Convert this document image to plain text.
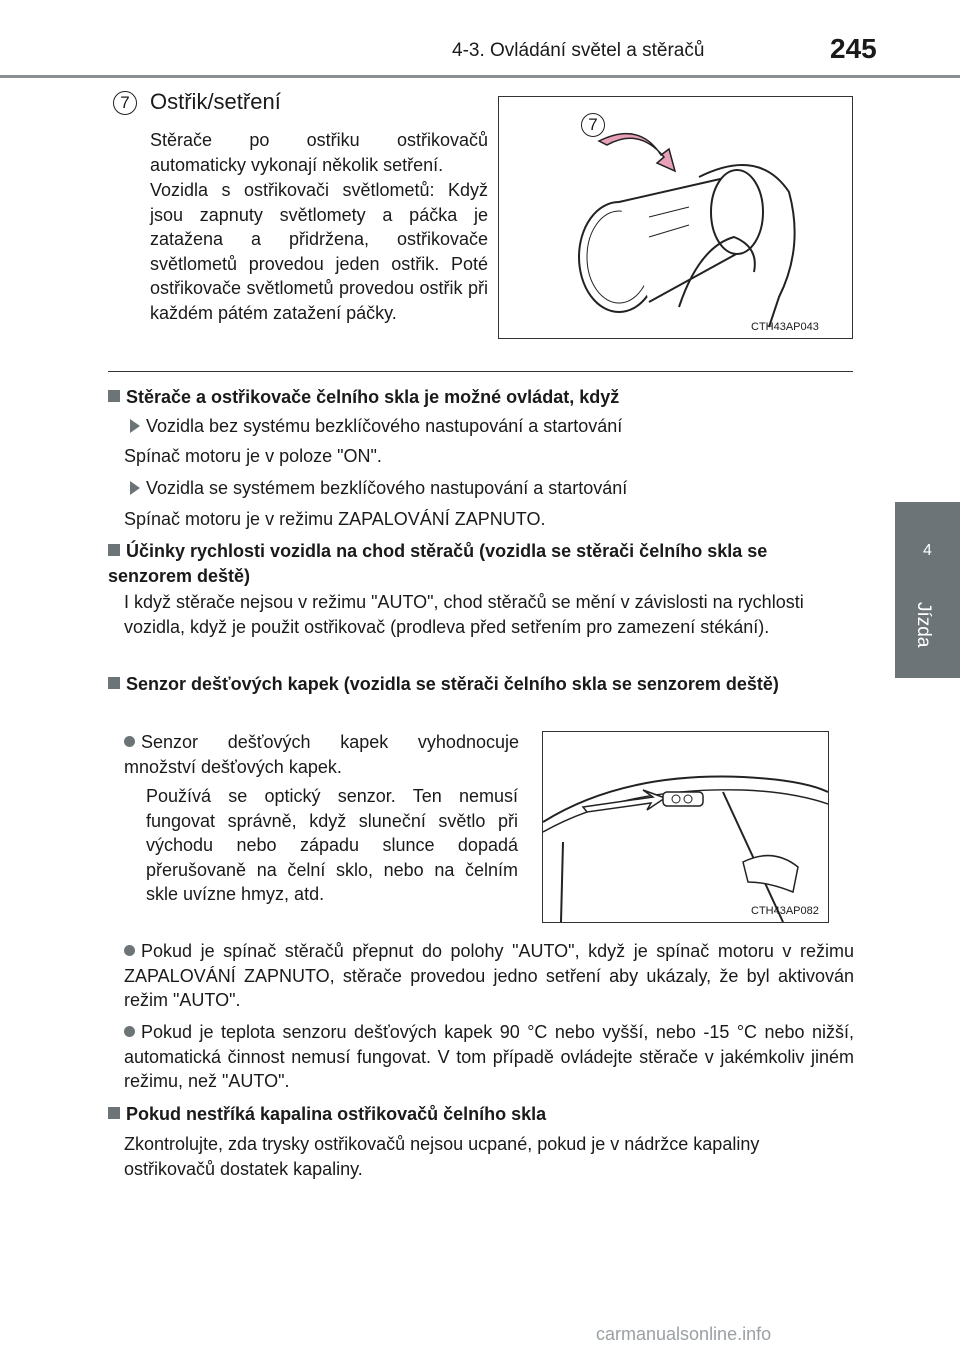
4-3. Ovládání světel a stěračů	245
4
Jízda
7 Ostřik/setření
Stěrače po ostřiku ostřikovačů automaticky vykonají několik setření.
Vozidla s ostřikovači světlometů: Když jsou zapnuty světlomety a páčka je zatažena a přidržena, ostřikovače světlometů provedou jeden ostřik. Poté ostřikovače světlometů provedou ostřik při každém pátém zatažení páčky.
7
CTH43AP043
Stěrače a ostřikovače čelního skla je možné ovládat, když
Vozidla bez systému bezklíčového nastupování a startování
Spínač motoru je v poloze "ON".
Vozidla se systémem bezklíčového nastupování a startování
Spínač motoru je v režimu ZAPALOVÁNÍ ZAPNUTO.
Účinky rychlosti vozidla na chod stěračů (vozidla se stěrači čelního skla se senzorem deště)
I když stěrače nejsou v režimu "AUTO", chod stěračů se mění v závislosti na rychlosti vozidla, když je použit ostřikovač (prodleva před setřením pro zamezení stékání).
Senzor dešťových kapek (vozidla se stěrači čelního skla se senzorem deště)
Senzor dešťových kapek vyhodnocuje množství dešťových kapek.
Používá se optický senzor. Ten nemusí fungovat správně, když sluneční světlo při východu nebo západu slunce dopadá přerušovaně na čelní sklo, nebo na čelním skle uvízne hmyz, atd.
CTH43AP082
Pokud je spínač stěračů přepnut do polohy "AUTO", když je spínač motoru v režimu ZAPALOVÁNÍ ZAPNUTO, stěrače provedou jedno setření aby ukázaly, že byl aktivován režim "AUTO".
Pokud je teplota senzoru dešťových kapek 90 °C nebo vyšší, nebo -15 °C nebo nižší, automatická činnost nemusí fungovat. V tom případě ovládejte stěrače v jakémkoliv jiném režimu, než "AUTO".
Pokud nestříká kapalina ostřikovačů čelního skla
Zkontrolujte, zda trysky ostřikovačů nejsou ucpané, pokud je v nádržce kapaliny ostřikovačů dostatek kapaliny.
carmanualsonline.info
